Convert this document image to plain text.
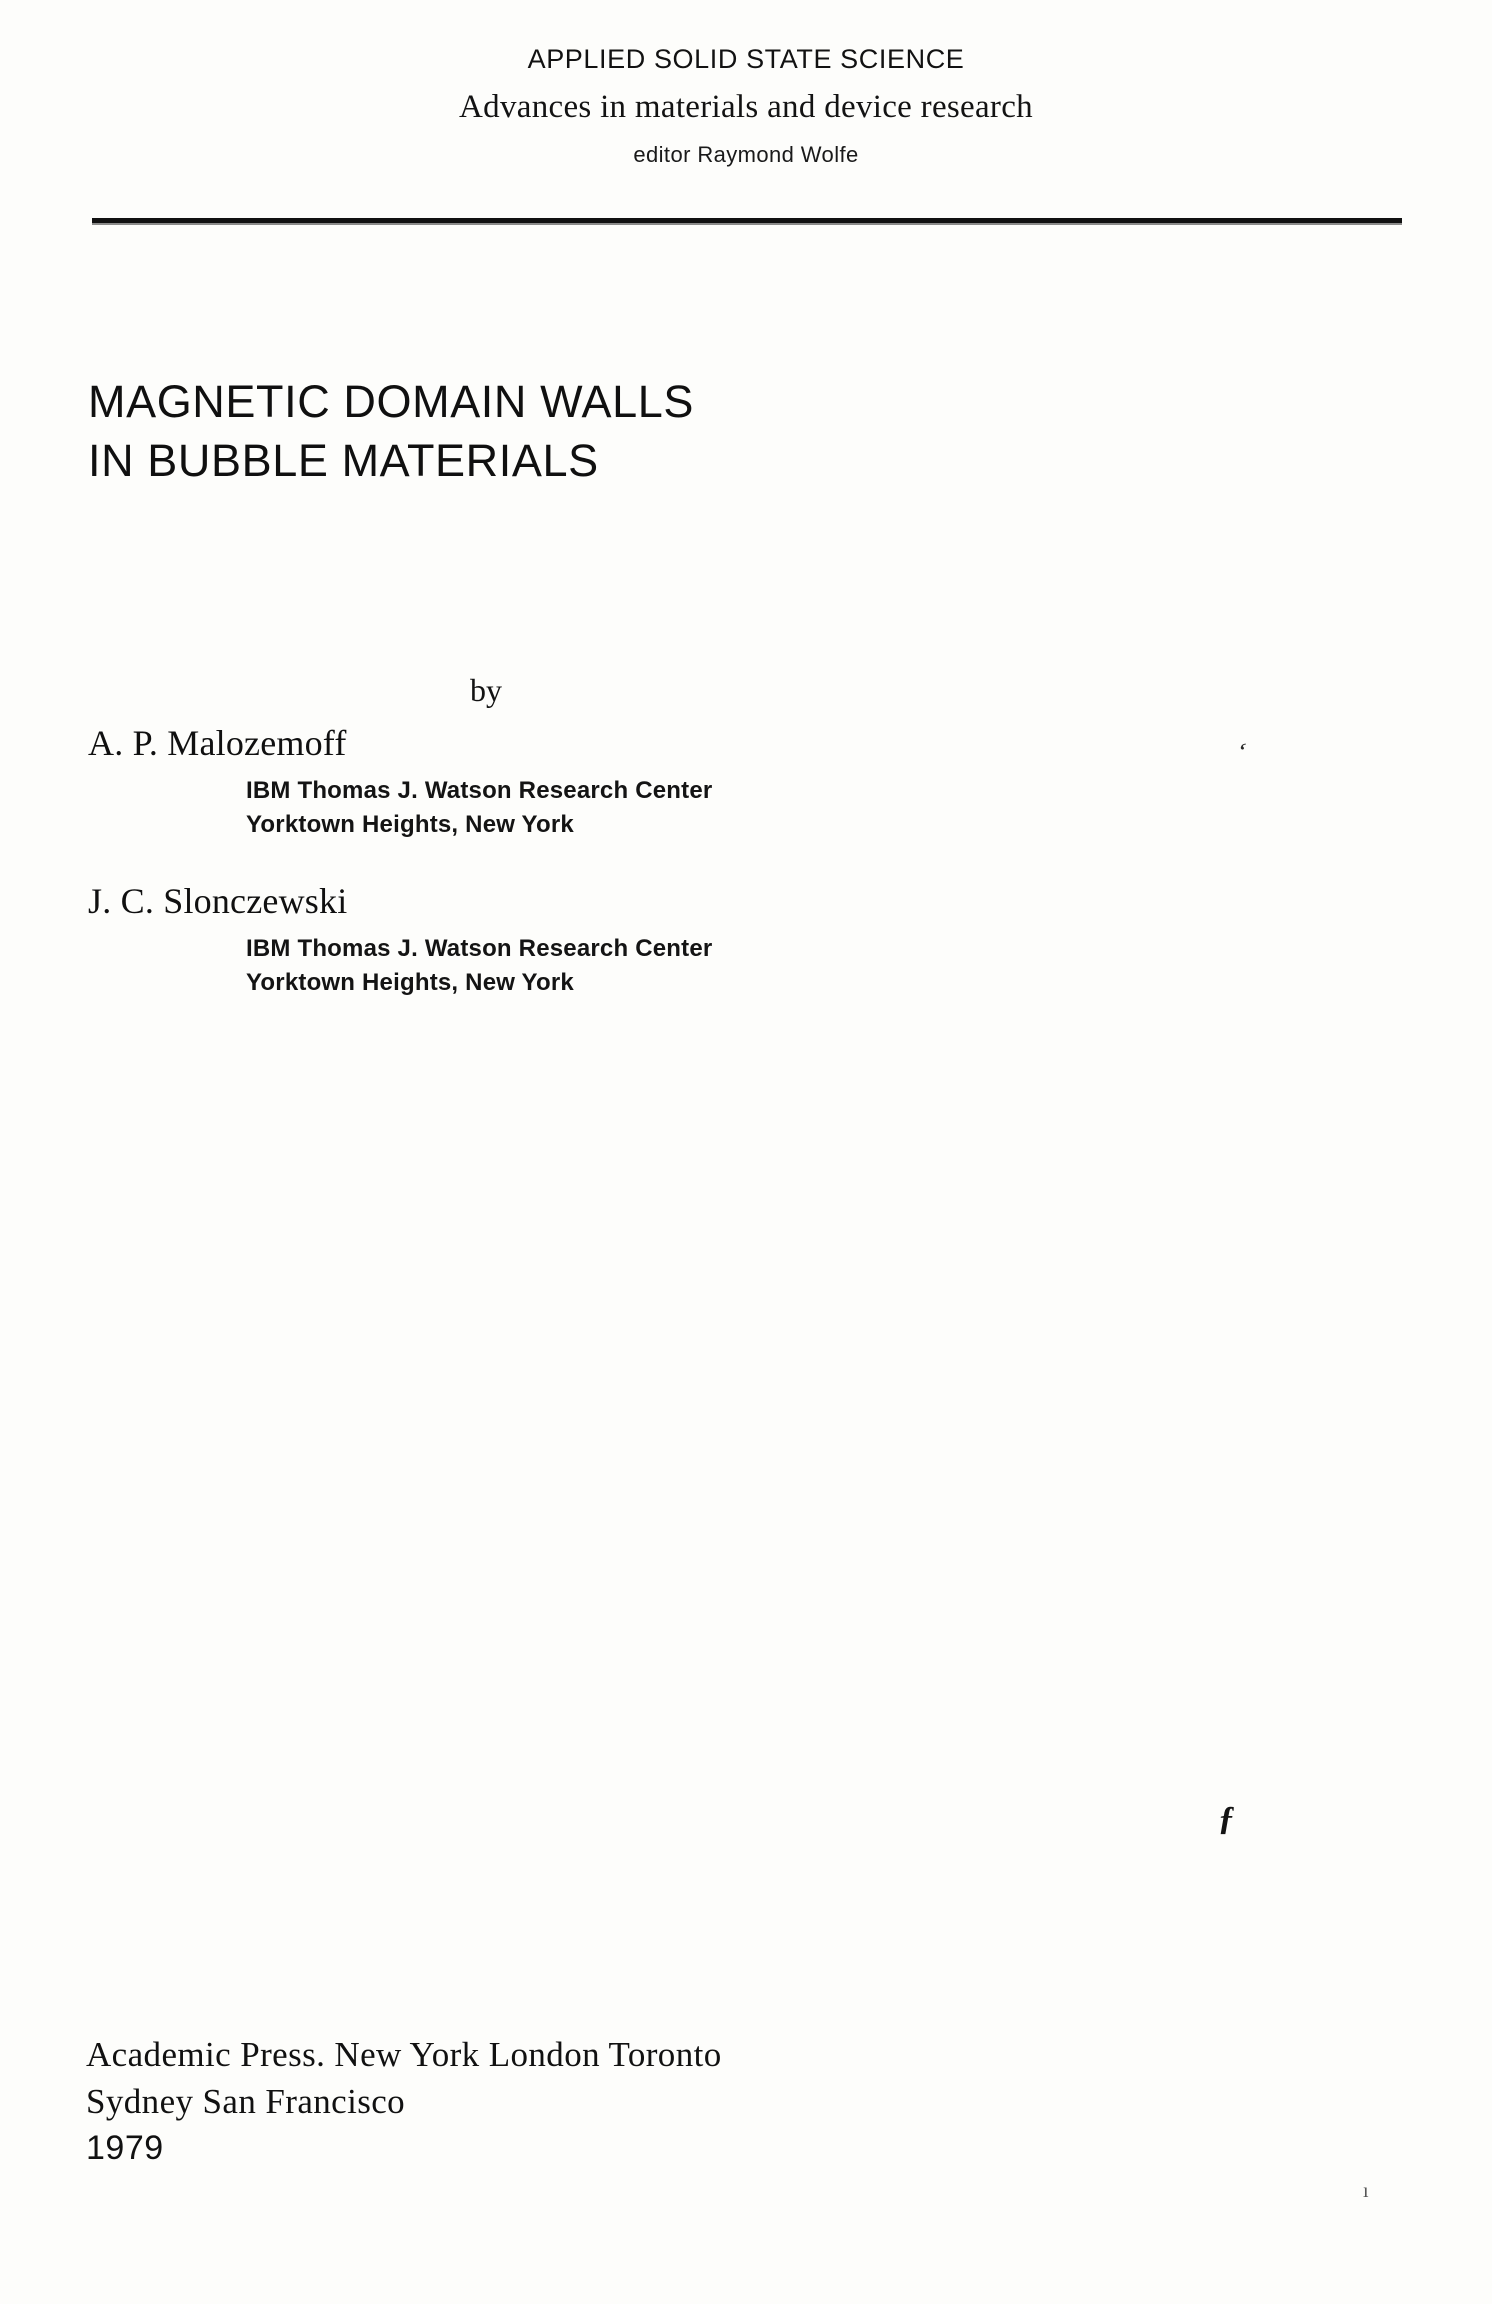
APPLIED SOLID STATE SCIENCE
Advances in materials and device research
editor Raymond Wolfe
MAGNETIC DOMAIN WALLS
IN BUBBLE MATERIALS
by
A. P. Malozemoff
IBM Thomas J. Watson Research Center
Yorktown Heights, New York
J. C. Slonczewski
IBM Thomas J. Watson Research Center
Yorktown Heights, New York
‘
ƒ
ı
Academic Press. New York London Toronto
Sydney San Francisco
1979
